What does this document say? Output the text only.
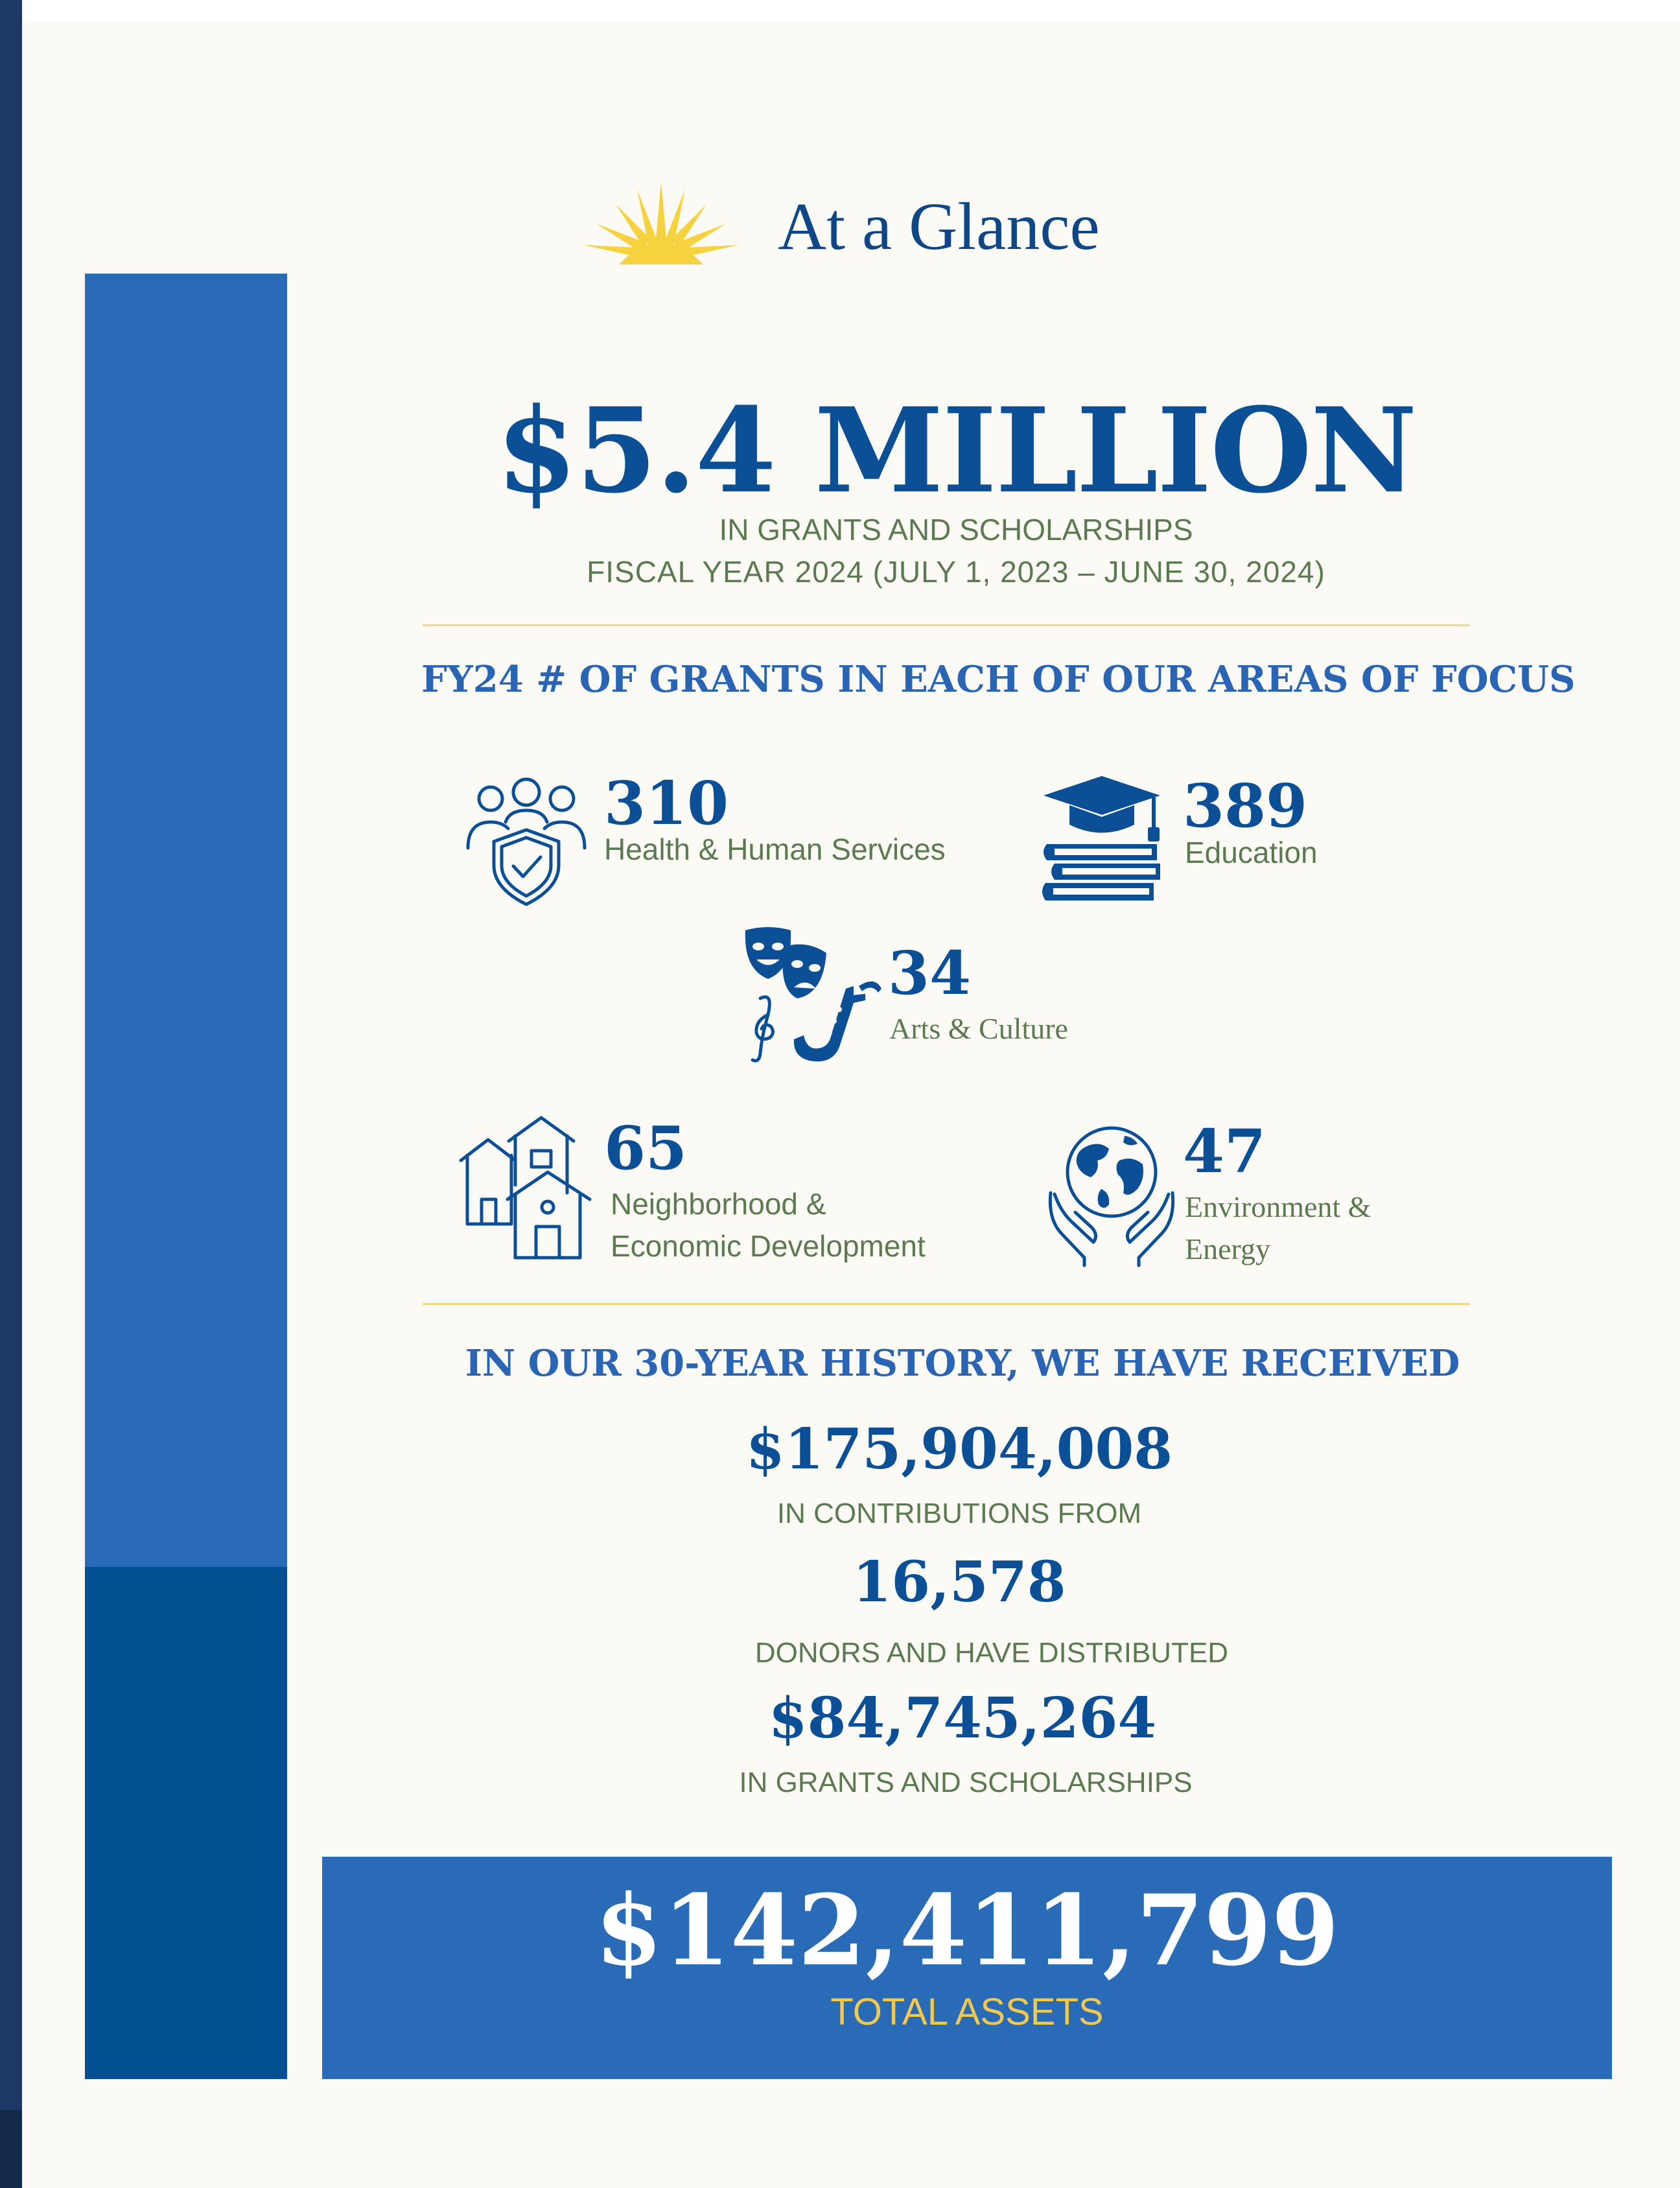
At a Glance
$5.4 MILLION
IN GRANTS AND SCHOLARSHIPS
FISCAL YEAR 2024 (JULY 1, 2023 – JUNE 30, 2024)
FY24 # OF GRANTS IN EACH OF OUR AREAS OF FOCUS
310
Health & Human Services
389
Education
34
Arts & Culture
65
Neighborhood &
Economic Development
47
Environment &
Energy
IN OUR 30-YEAR HISTORY, WE HAVE RECEIVED
$175,904,008
IN CONTRIBUTIONS FROM
16,578
DONORS AND HAVE DISTRIBUTED
$84,745,264
IN GRANTS AND SCHOLARSHIPS
$142,411,799
TOTAL ASSETS
